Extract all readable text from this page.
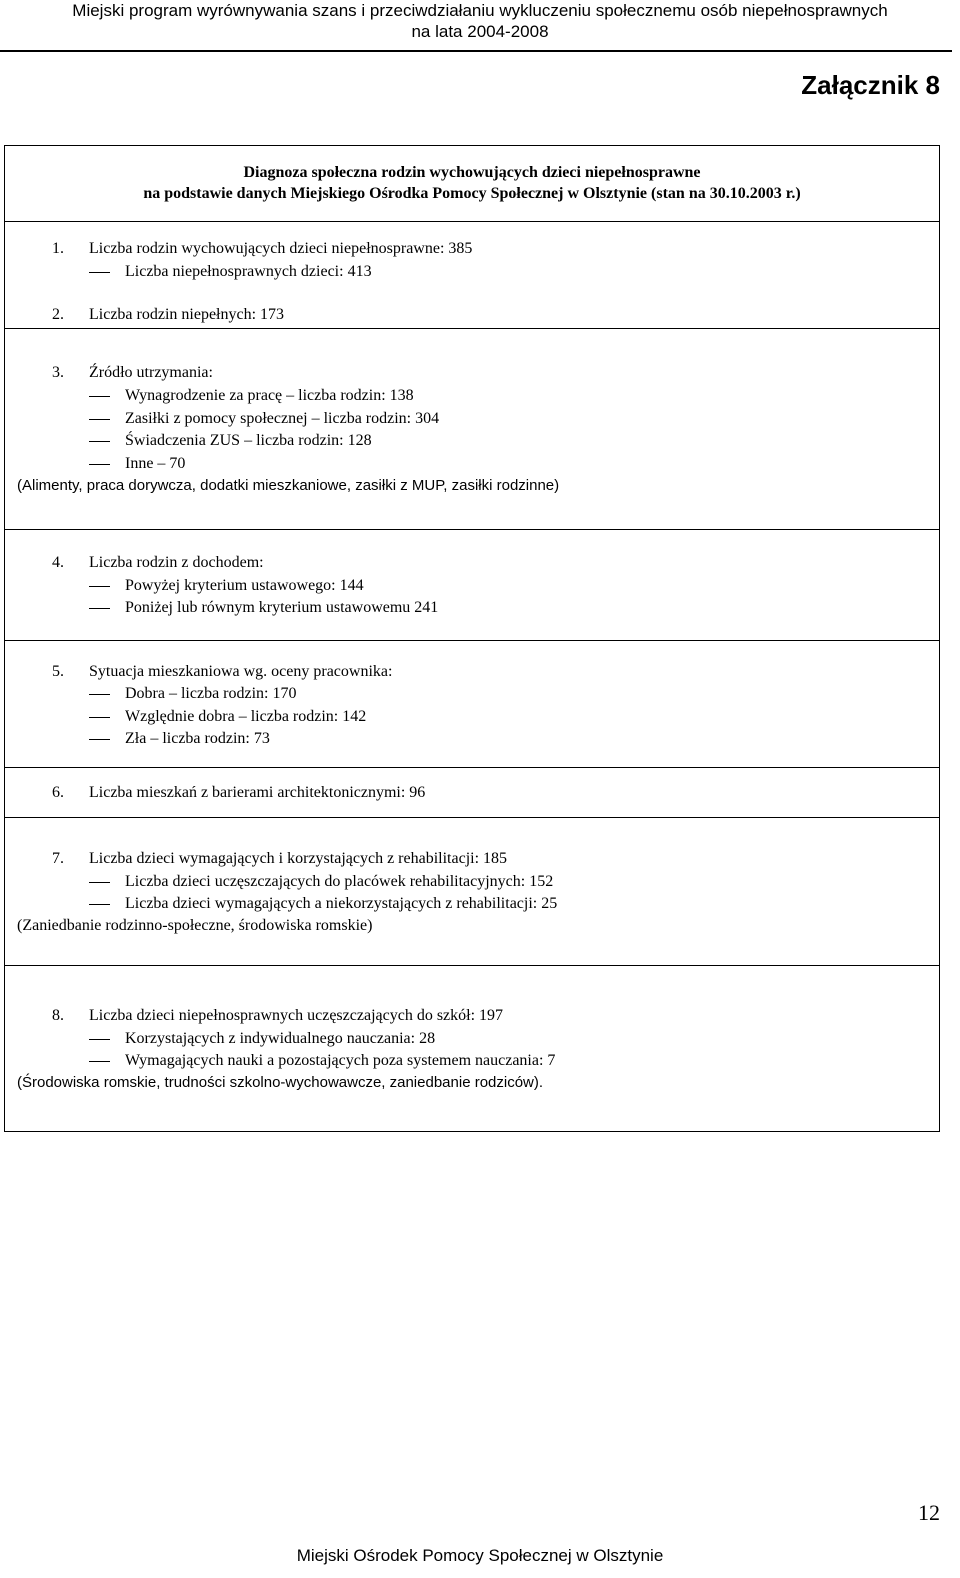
Miejski program wyrównywania szans i przeciwdziałaniu wykluczeniu społecznemu osób niepełnosprawnych
na lata 2004-2008
Załącznik 8
Diagnoza społeczna rodzin wychowujących dzieci niepełnosprawne
na podstawie danych Miejskiego Ośrodka Pomocy Społecznej w Olsztynie (stan na 30.10.2003 r.)
1. Liczba rodzin wychowujących dzieci niepełnosprawne: 385
Liczba niepełnosprawnych dzieci: 413
2. Liczba rodzin niepełnych: 173
3. Źródło utrzymania:
Wynagrodzenie za pracę – liczba rodzin: 138
Zasiłki z pomocy społecznej – liczba rodzin: 304
Świadczenia ZUS – liczba rodzin: 128
Inne – 70
(Alimenty, praca dorywcza, dodatki mieszkaniowe, zasiłki z MUP, zasiłki rodzinne)
4. Liczba rodzin z dochodem:
Powyżej kryterium ustawowego: 144
Poniżej lub równym kryterium ustawowemu 241
5. Sytuacja mieszkaniowa wg. oceny pracownika:
Dobra – liczba rodzin: 170
Względnie dobra – liczba rodzin: 142
Zła – liczba rodzin: 73
6. Liczba mieszkań z barierami architektonicznymi: 96
7. Liczba dzieci wymagających i korzystających z rehabilitacji: 185
Liczba dzieci uczęszczających do placówek rehabilitacyjnych: 152
Liczba dzieci wymagających a niekorzystających z rehabilitacji: 25
(Zaniedbanie rodzinno-społeczne, środowiska romskie)
8. Liczba dzieci niepełnosprawnych uczęszczających do szkół: 197
Korzystających z indywidualnego nauczania: 28
Wymagających nauki a pozostających poza systemem nauczania: 7
(Środowiska romskie, trudności szkolno-wychowawcze, zaniedbanie rodziców).
12
Miejski Ośrodek Pomocy Społecznej w Olsztynie
